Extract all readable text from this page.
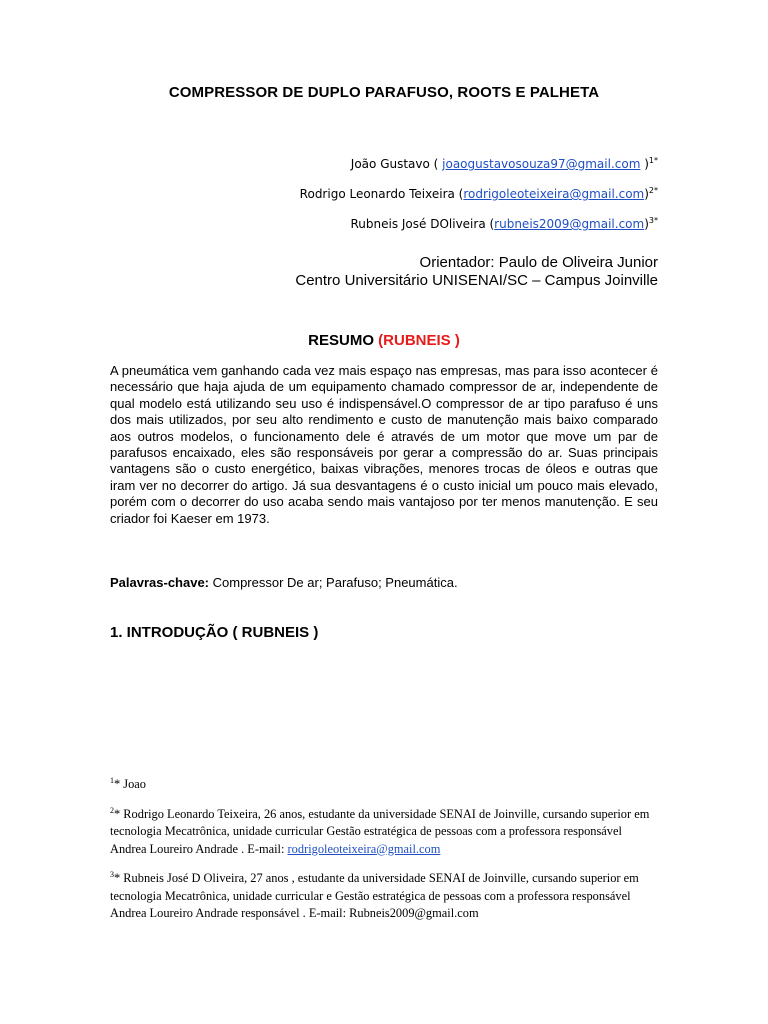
COMPRESSOR DE DUPLO PARAFUSO, ROOTS E PALHETA
João Gustavo ( joaogustavosouza97@gmail.com )$^{1*}$
Rodrigo Leonardo Teixeira (rodrigoleoteixeira@gmail.com)$^{2*}$
Rubneis José DOliveira (rubneis2009@gmail.com)$^{3*}$
Orientador: Paulo de Oliveira Junior
Centro Universitário UNISENAI/SC – Campus Joinville
RESUMO (RUBNEIS )
A pneumática vem ganhando cada vez mais espaço nas empresas, mas para isso acontecer é necessário que haja ajuda de um equipamento chamado compressor de ar, independente de qual modelo está utilizando seu uso é indispensável.O compressor de ar tipo parafuso é uns dos mais utilizados, por seu alto rendimento e custo de manutenção mais baixo comparado aos outros modelos, o funcionamento dele é através de um motor que move um par de parafusos encaixado, eles são responsáveis por gerar a compressão do ar. Suas principais vantagens são o custo energético, baixas vibrações, menores trocas de óleos e outras que iram ver no decorrer do artigo. Já sua desvantagens é o custo inicial um pouco mais elevado, porém com o decorrer do uso acaba sendo mais vantajoso por ter menos manutenção. E seu criador foi Kaeser em 1973.
Palavras-chave: Compressor De ar; Parafuso; Pneumática.
1. INTRODUÇÃO ( RUBNEIS )
$^1$* Joao
$^2$* Rodrigo Leonardo Teixeira, 26 anos, estudante da universidade SENAI de Joinville, cursando superior em tecnologia Mecatrônica, unidade curricular Gestão estratégica de pessoas com a professora responsável Andrea Loureiro Andrade . E-mail: rodrigoleoteixeira@gmail.com
$^3$* Rubneis José D Oliveira, 27 anos , estudante da universidade SENAI de Joinville, cursando superior em tecnologia Mecatrônica, unidade curricular e Gestão estratégica de pessoas com a professora responsável Andrea Loureiro Andrade responsável . E-mail: Rubneis2009@gmail.com
